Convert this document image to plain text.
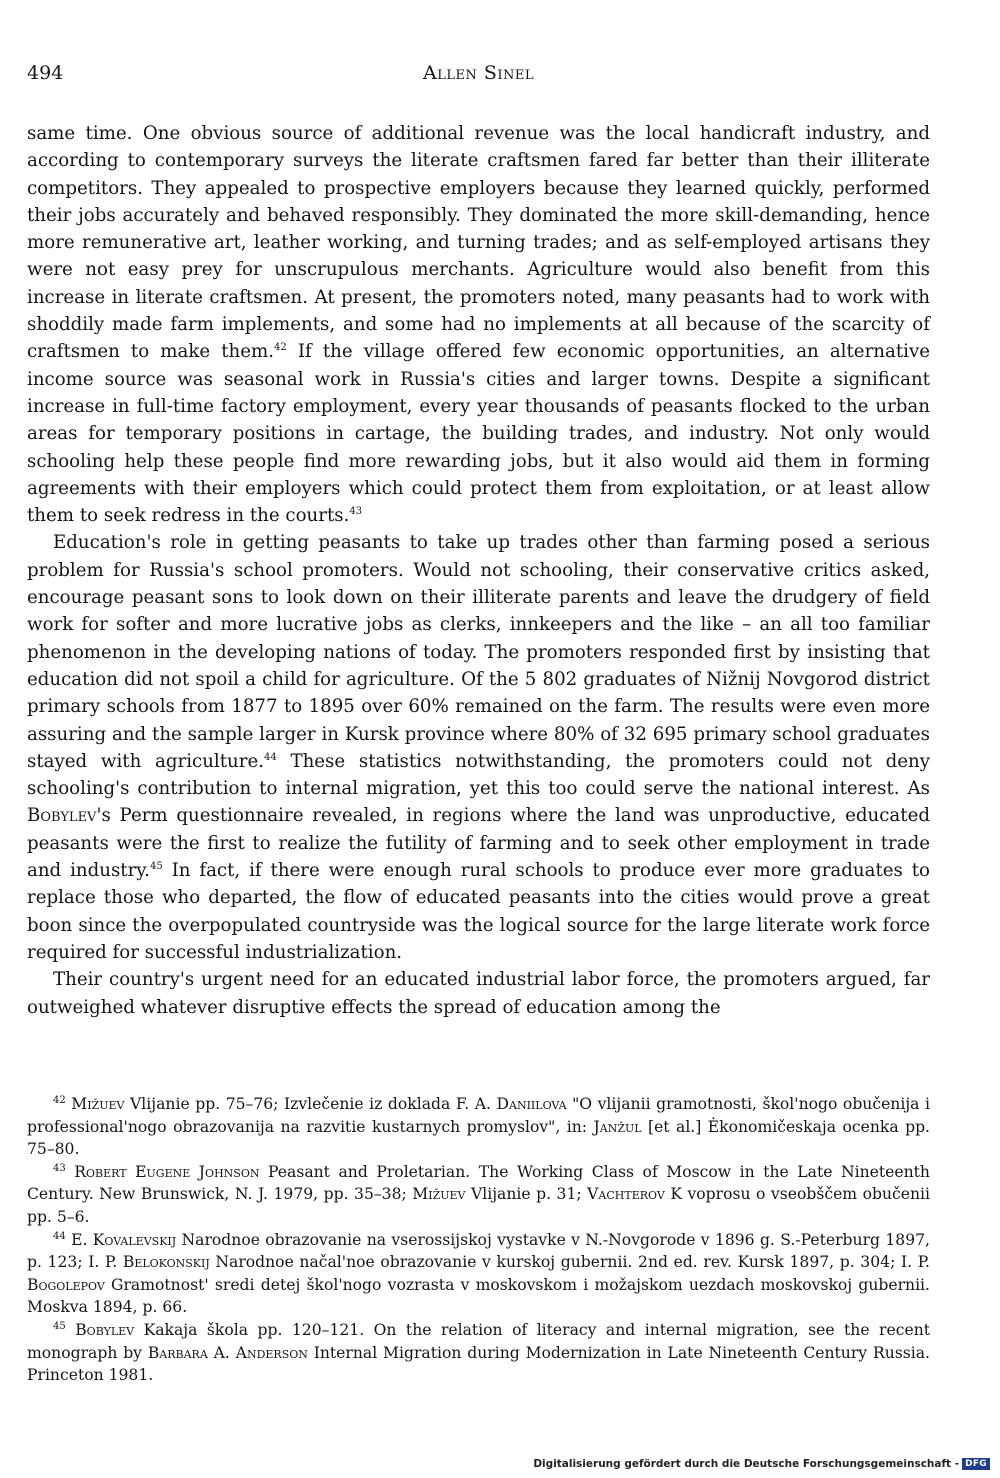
494	Allen Sinel

same time. One obvious source of additional revenue was the local handicraft industry, and according to contemporary surveys the literate craftsmen fared far better than their illiterate competitors. They appealed to prospective employers because they learned quickly, performed their jobs accurately and behaved responsibly. They dominated the more skill-demanding, hence more remunerative art, leather working, and turning trades; and as self-employed artisans they were not easy prey for unscrupulous merchants. Agriculture would also benefit from this increase in literate craftsmen. At present, the promoters noted, many peasants had to work with shoddily made farm implements, and some had no implements at all because of the scarcity of craftsmen to make them.$^{42}$ If the village offered few economic opportunities, an alternative income source was seasonal work in Russia's cities and larger towns. Despite a significant increase in full-time factory employment, every year thousands of peasants flocked to the urban areas for temporary positions in cartage, the building trades, and industry. Not only would schooling help these people find more rewarding jobs, but it also would aid them in forming agreements with their employers which could protect them from exploitation, or at least allow them to seek redress in the courts.$^{43}$

Education's role in getting peasants to take up trades other than farming posed a serious problem for Russia's school promoters. Would not schooling, their conservative critics asked, encourage peasant sons to look down on their illiterate parents and leave the drudgery of field work for softer and more lucrative jobs as clerks, innkeepers and the like – an all too familiar phenomenon in the developing nations of today. The promoters responded first by insisting that education did not spoil a child for agriculture. Of the 5 802 graduates of Nižnij Novgorod district primary schools from 1877 to 1895 over 60% remained on the farm. The results were even more assuring and the sample larger in Kursk province where 80% of 32 695 primary school graduates stayed with agriculture.$^{44}$ These statistics notwithstanding, the promoters could not deny schooling's contribution to internal migration, yet this too could serve the national interest. As Bobylev's Perm questionnaire revealed, in regions where the land was unproductive, educated peasants were the first to realize the futility of farming and to seek other employment in trade and industry.$^{45}$ In fact, if there were enough rural schools to produce ever more graduates to replace those who departed, the flow of educated peasants into the cities would prove a great boon since the overpopulated countryside was the logical source for the large literate work force required for successful industrialization.

Their country's urgent need for an educated industrial labor force, the promoters argued, far outweighed whatever disruptive effects the spread of education among the

$^{42}$ Mižuev Vlijanie pp. 75–76; Izvlečenie iz doklada F. A. Daniilova "O vlijanii gramotnosti, škol'nogo obučenija i professional'nogo obrazovanija na razvitie kustarnych promyslov", in: Janžul [et al.] Ėkonomičeskaja ocenka pp. 75–80.

$^{43}$ Robert Eugene Johnson Peasant and Proletarian. The Working Class of Moscow in the Late Nineteenth Century. New Brunswick, N. J. 1979, pp. 35–38; Mižuev Vlijanie p. 31; Vachterov K voprosu o vseobščem obučenii pp. 5–6.

$^{44}$ E. Kovalevskij Narodnoe obrazovanie na vserossijskoj vystavke v N.-Novgorode v 1896 g. S.-Peterburg 1897, p. 123; I. P. Belokonskij Narodnoe načal'noe obrazovanie v kurskoj gubernii. 2nd ed. rev. Kursk 1897, p. 304; I. P. Bogolepov Gramotnost' sredi detej škol'nogo vozrasta v moskovskom i možajskom uezdach moskovskoj gubernii. Moskva 1894, p. 66.

$^{45}$ Bobylev Kakaja škola pp. 120–121. On the relation of literacy and internal migration, see the recent monograph by Barbara A. Anderson Internal Migration during Modernization in Late Nineteenth Century Russia. Princeton 1981.

Digitalisierung gefördert durch die Deutsche Forschungsgemeinschaft - DFG
